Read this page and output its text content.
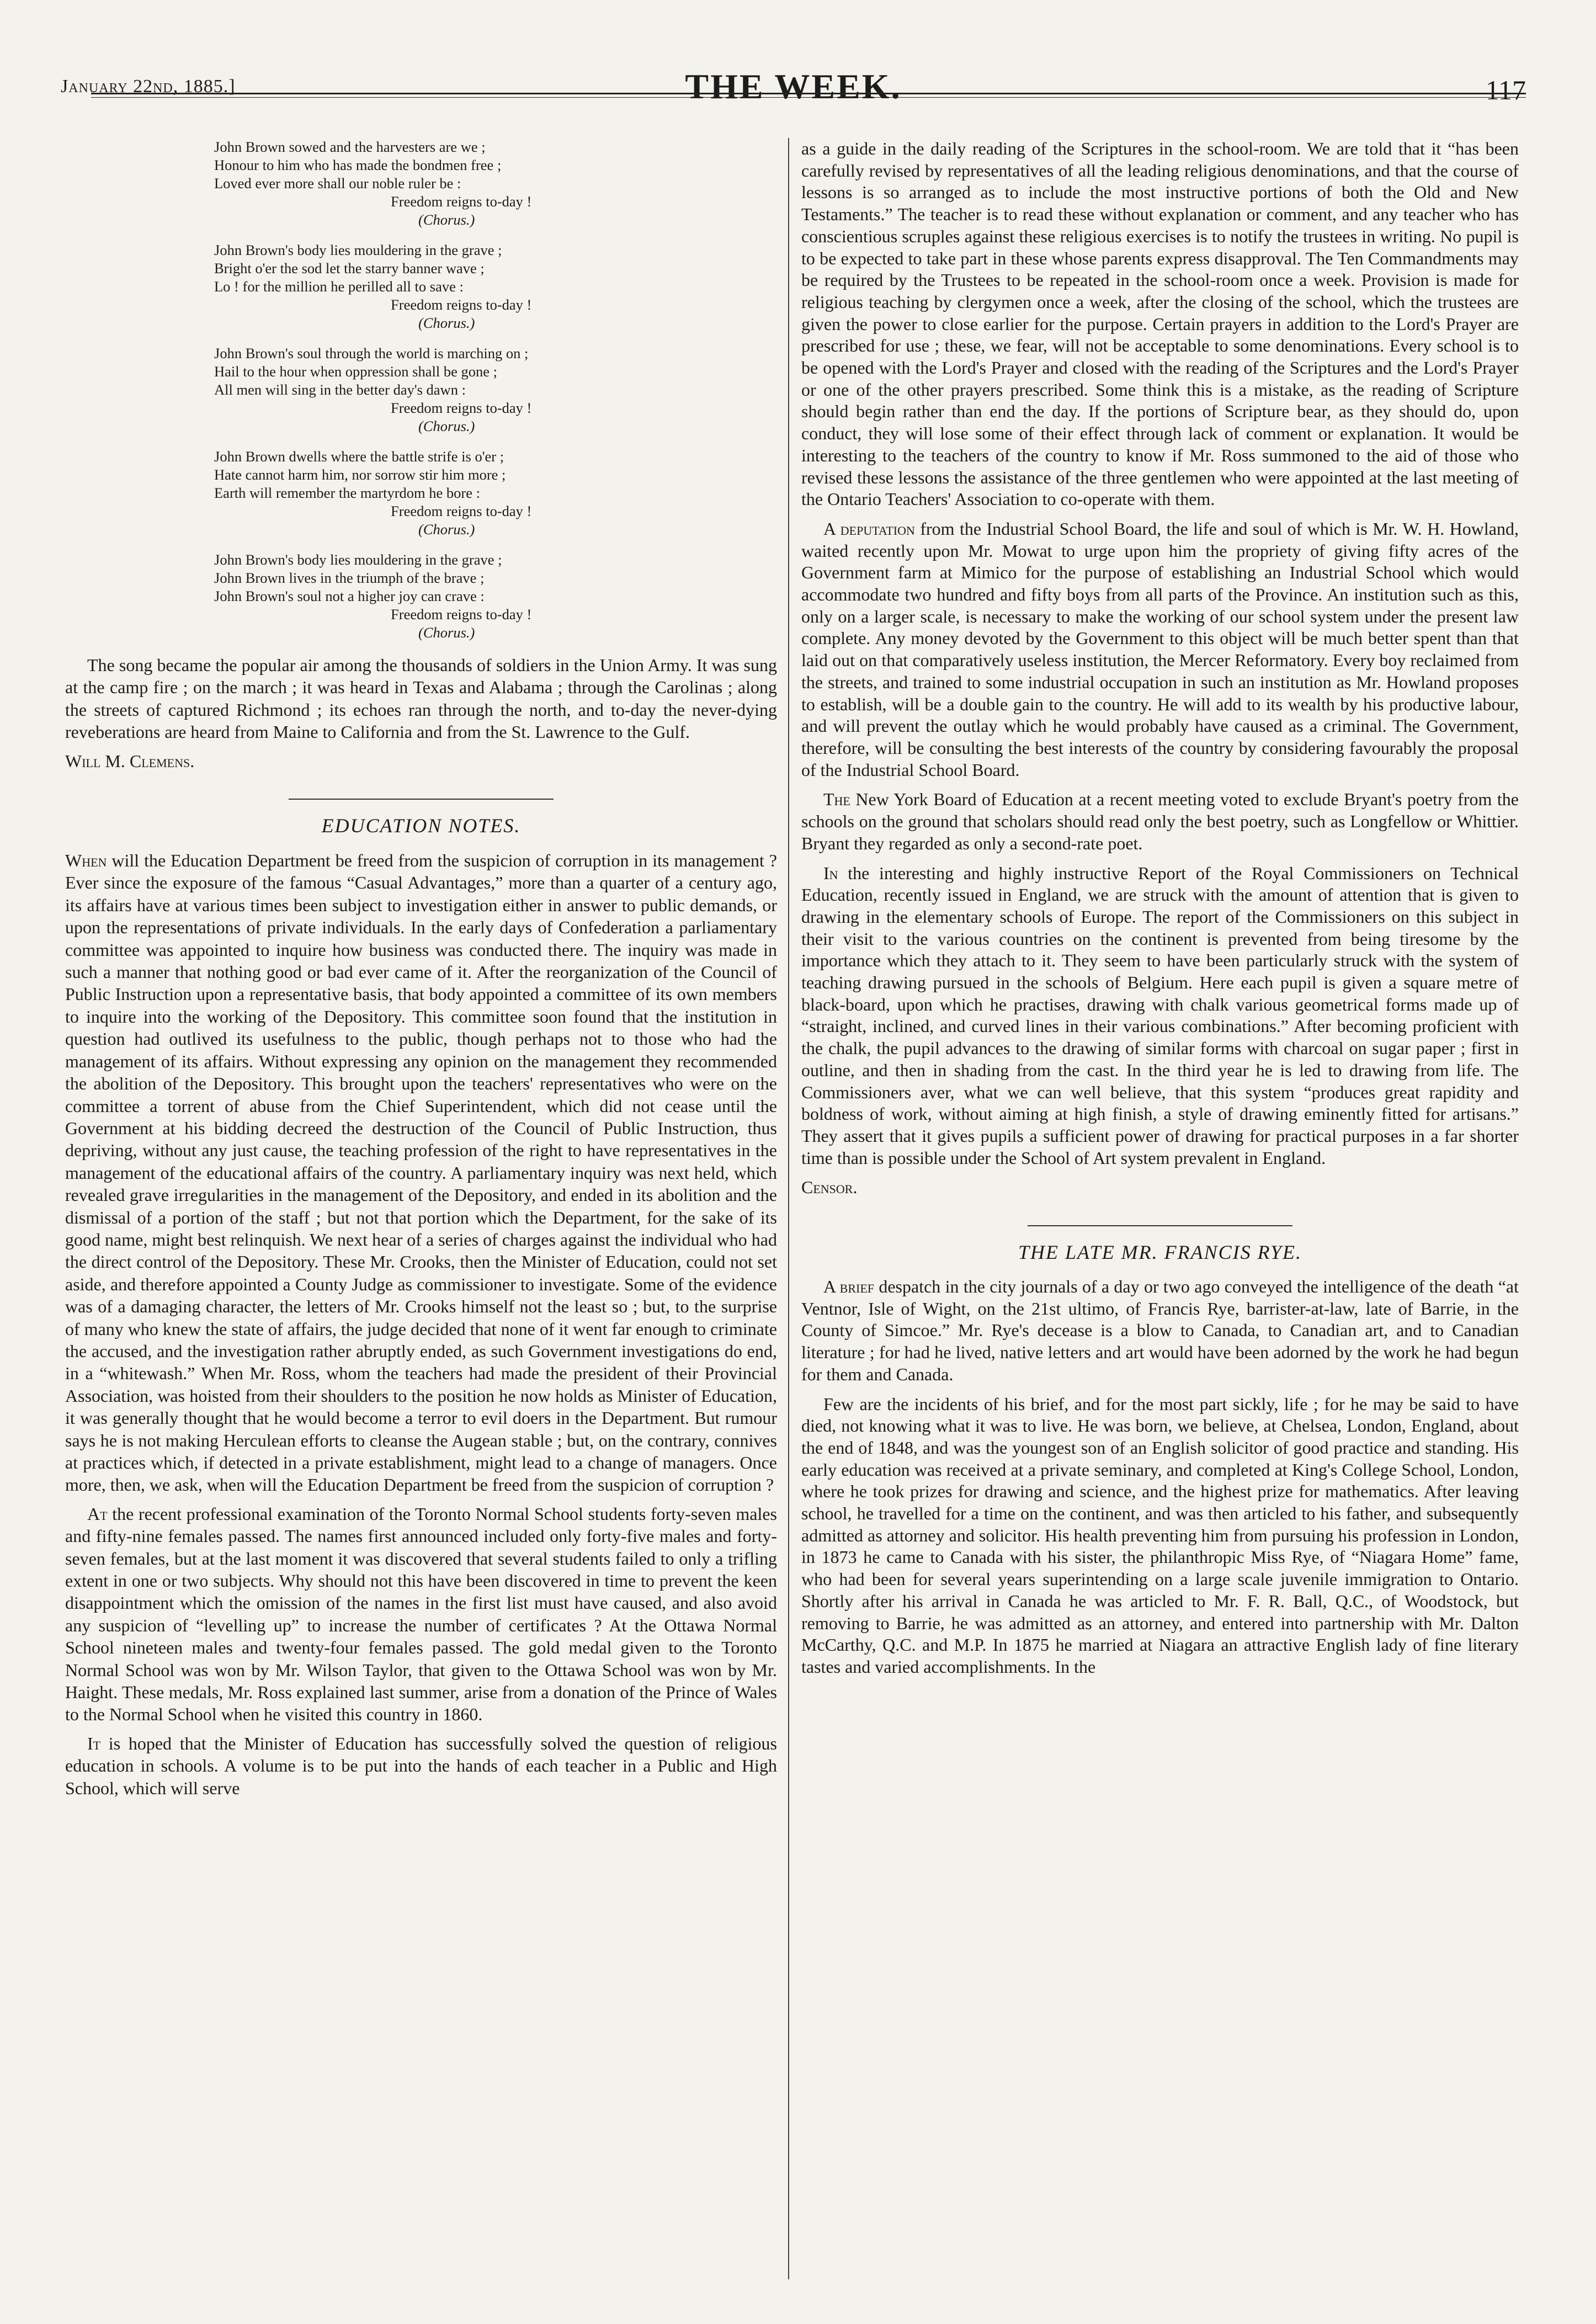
January 22nd, 1885.]	THE WEEK.	117
John Brown sowed and the harvesters are we ;
Honour to him who has made the bondmen free ;
Loved ever more shall our noble ruler be :
Freedom reigns to-day !
(Chorus.)
John Brown's body lies mouldering in the grave ;
Bright o'er the sod let the starry banner wave ;
Lo ! for the million he perilled all to save :
Freedom reigns to-day !
(Chorus.)
John Brown's soul through the world is marching on ;
Hail to the hour when oppression shall be gone ;
All men will sing in the better day's dawn :
Freedom reigns to-day !
(Chorus.)
John Brown dwells where the battle strife is o'er ;
Hate cannot harm him, nor sorrow stir him more ;
Earth will remember the martyrdom he bore :
Freedom reigns to-day !
(Chorus.)
John Brown's body lies mouldering in the grave ;
John Brown lives in the triumph of the brave ;
John Brown's soul not a higher joy can crave :
Freedom reigns to-day !
(Chorus.)

The song became the popular air among the thousands of soldiers in the Union Army. It was sung at the camp fire ; on the march ; it was heard in Texas and Alabama ; through the Carolinas ; along the streets of captured Richmond ; its echoes ran through the north, and to-day the never-dying reveberations are heard from Maine to California and from the St. Lawrence to the Gulf.

Will M. Clemens.

EDUCATION NOTES.

When will the Education Department be freed from the suspicion of corruption in its management ? Ever since the exposure of the famous “Casual Advantages,” more than a quarter of a century ago, its affairs have at various times been subject to investigation either in answer to public demands, or upon the representations of private individuals. In the early days of Confederation a parliamentary committee was appointed to inquire how business was conducted there. The inquiry was made in such a manner that nothing good or bad ever came of it. After the reorganization of the Council of Public Instruction upon a representative basis, that body appointed a committee of its own members to inquire into the working of the Depository. This committee soon found that the institution in question had outlived its usefulness to the public, though perhaps not to those who had the management of its affairs. Without expressing any opinion on the management they recommended the abolition of the Depository. This brought upon the teachers' representatives who were on the committee a torrent of abuse from the Chief Superintendent, which did not cease until the Government at his bidding decreed the destruction of the Council of Public Instruction, thus depriving, without any just cause, the teaching profession of the right to have representatives in the management of the educational affairs of the country. A parliamentary inquiry was next held, which revealed grave irregularities in the management of the Depository, and ended in its abolition and the dismissal of a portion of the staff ; but not that portion which the Department, for the sake of its good name, might best relinquish. We next hear of a series of charges against the individual who had the direct control of the Depository. These Mr. Crooks, then the Minister of Education, could not set aside, and therefore appointed a County Judge as commissioner to investigate. Some of the evidence was of a damaging character, the letters of Mr. Crooks himself not the least so ; but, to the surprise of many who knew the state of affairs, the judge decided that none of it went far enough to criminate the accused, and the investigation rather abruptly ended, as such Government investigations do end, in a “whitewash.” When Mr. Ross, whom the teachers had made the president of their Provincial Association, was hoisted from their shoulders to the position he now holds as Minister of Education, it was generally thought that he would become a terror to evil doers in the Department. But rumour says he is not making Herculean efforts to cleanse the Augean stable ; but, on the contrary, connives at practices which, if detected in a private establishment, might lead to a change of managers. Once more, then, we ask, when will the Education Department be freed from the suspicion of corruption ?

At the recent professional examination of the Toronto Normal School students forty-seven males and fifty-nine females passed. The names first announced included only forty-five males and forty-seven females, but at the last moment it was discovered that several students failed to only a trifling extent in one or two subjects. Why should not this have been discovered in time to prevent the keen disappointment which the omission of the names in the first list must have caused, and also avoid any suspicion of “levelling up” to increase the number of certificates ? At the Ottawa Normal School nineteen males and twenty-four females passed. The gold medal given to the Toronto Normal School was won by Mr. Wilson Taylor, that given to the Ottawa School was won by Mr. Haight. These medals, Mr. Ross explained last summer, arise from a donation of the Prince of Wales to the Normal School when he visited this country in 1860.

It is hoped that the Minister of Education has successfully solved the question of religious education in schools. A volume is to be put into the hands of each teacher in a Public and High School, which will serve

as a guide in the daily reading of the Scriptures in the school-room. We are told that it “has been carefully revised by representatives of all the leading religious denominations, and that the course of lessons is so arranged as to include the most instructive portions of both the Old and New Testaments.” The teacher is to read these without explanation or comment, and any teacher who has conscientious scruples against these religious exercises is to notify the trustees in writing. No pupil is to be expected to take part in these whose parents express disapproval. The Ten Commandments may be required by the Trustees to be repeated in the school-room once a week. Provision is made for religious teaching by clergymen once a week, after the closing of the school, which the trustees are given the power to close earlier for the purpose. Certain prayers in addition to the Lord's Prayer are prescribed for use ; these, we fear, will not be acceptable to some denominations. Every school is to be opened with the Lord's Prayer and closed with the reading of the Scriptures and the Lord's Prayer or one of the other prayers prescribed. Some think this is a mistake, as the reading of Scripture should begin rather than end the day. If the portions of Scripture bear, as they should do, upon conduct, they will lose some of their effect through lack of comment or explanation. It would be interesting to the teachers of the country to know if Mr. Ross summoned to the aid of those who revised these lessons the assistance of the three gentlemen who were appointed at the last meeting of the Ontario Teachers' Association to co-operate with them.

A deputation from the Industrial School Board, the life and soul of which is Mr. W. H. Howland, waited recently upon Mr. Mowat to urge upon him the propriety of giving fifty acres of the Government farm at Mimico for the purpose of establishing an Industrial School which would accommodate two hundred and fifty boys from all parts of the Province. An institution such as this, only on a larger scale, is necessary to make the working of our school system under the present law complete. Any money devoted by the Government to this object will be much better spent than that laid out on that comparatively useless institution, the Mercer Reformatory. Every boy reclaimed from the streets, and trained to some industrial occupation in such an institution as Mr. Howland proposes to establish, will be a double gain to the country. He will add to its wealth by his productive labour, and will prevent the outlay which he would probably have caused as a criminal. The Government, therefore, will be consulting the best interests of the country by considering favourably the proposal of the Industrial School Board.

The New York Board of Education at a recent meeting voted to exclude Bryant's poetry from the schools on the ground that scholars should read only the best poetry, such as Longfellow or Whittier. Bryant they regarded as only a second-rate poet.

In the interesting and highly instructive Report of the Royal Commissioners on Technical Education, recently issued in England, we are struck with the amount of attention that is given to drawing in the elementary schools of Europe. The report of the Commissioners on this subject in their visit to the various countries on the continent is prevented from being tiresome by the importance which they attach to it. They seem to have been particularly struck with the system of teaching drawing pursued in the schools of Belgium. Here each pupil is given a square metre of black-board, upon which he practises, drawing with chalk various geometrical forms made up of “straight, inclined, and curved lines in their various combinations.” After becoming proficient with the chalk, the pupil advances to the drawing of similar forms with charcoal on sugar paper ; first in outline, and then in shading from the cast. In the third year he is led to drawing from life. The Commissioners aver, what we can well believe, that this system “produces great rapidity and boldness of work, without aiming at high finish, a style of drawing eminently fitted for artisans.” They assert that it gives pupils a sufficient power of drawing for practical purposes in a far shorter time than is possible under the School of Art system prevalent in England.

Censor.

THE LATE MR. FRANCIS RYE.

A brief despatch in the city journals of a day or two ago conveyed the intelligence of the death “at Ventnor, Isle of Wight, on the 21st ultimo, of Francis Rye, barrister-at-law, late of Barrie, in the County of Simcoe.” Mr. Rye's decease is a blow to Canada, to Canadian art, and to Canadian literature ; for had he lived, native letters and art would have been adorned by the work he had begun for them and Canada.

Few are the incidents of his brief, and for the most part sickly, life ; for he may be said to have died, not knowing what it was to live. He was born, we believe, at Chelsea, London, England, about the end of 1848, and was the youngest son of an English solicitor of good practice and standing. His early education was received at a private seminary, and completed at King's College School, London, where he took prizes for drawing and science, and the highest prize for mathematics. After leaving school, he travelled for a time on the continent, and was then articled to his father, and subsequently admitted as attorney and solicitor. His health preventing him from pursuing his profession in London, in 1873 he came to Canada with his sister, the philanthropic Miss Rye, of “Niagara Home” fame, who had been for several years superintending on a large scale juvenile immigration to Ontario. Shortly after his arrival in Canada he was articled to Mr. F. R. Ball, Q.C., of Woodstock, but removing to Barrie, he was admitted as an attorney, and entered into partnership with Mr. Dalton McCarthy, Q.C. and M.P. In 1875 he married at Niagara an attractive English lady of fine literary tastes and varied accomplishments. In the
